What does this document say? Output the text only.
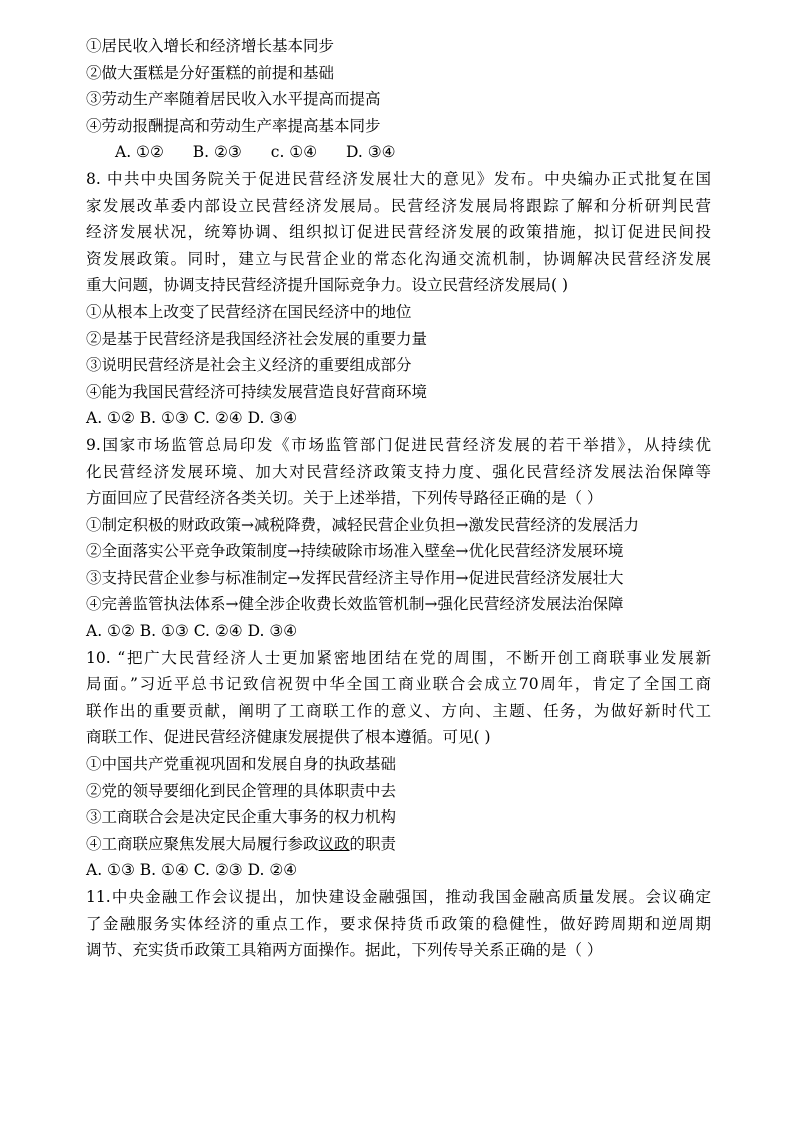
①居民收入增长和经济增长基本同步
②做大蛋糕是分好蛋糕的前提和基础
③劳动生产率随着居民收入水平提高而提高
④劳动报酬提高和劳动生产率提高基本同步
A. ①② B. ②③ c. ①④ D. ③④
8. 中共中央国务院关于促进民营经济发展壮大的意见》发布。中央编办正式批复在国
家发展改革委内部设立民营经济发展局。民营经济发展局将跟踪了解和分析研判民营
经济发展状况，统筹协调、组织拟订促进民营经济发展的政策措施，拟订促进民间投
资发展政策。同时，建立与民营企业的常态化沟通交流机制，协调解决民营经济发展
重大问题，协调支持民营经济提升国际竞争力。设立民营经济发展局( )
①从根本上改变了民营经济在国民经济中的地位
②是基于民营经济是我国经济社会发展的重要力量
③说明民营经济是社会主义经济的重要组成部分
④能为我国民营经济可持续发展营造良好营商环境
A. ①② B. ①③ C. ②④ D. ③④
9.国家市场监管总局印发《市场监管部门促进民营经济发展的若干举措》，从持续优
化民营经济发展环境、加大对民营经济政策支持力度、强化民营经济发展法治保障等
方面回应了民营经济各类关切。关于上述举措，下列传导路径正确的是（ ）
①制定积极的财政政策→减税降费，减轻民营企业负担→激发民营经济的发展活力
②全面落实公平竞争政策制度→持续破除市场准入壁垒→优化民营经济发展环境
③支持民营企业参与标准制定→发挥民营经济主导作用→促进民营经济发展壮大
④完善监管执法体系→健全涉企收费长效监管机制→强化民营经济发展法治保障
A. ①② B. ①③ C. ②④ D. ③④
10. “把广大民营经济人士更加紧密地团结在党的周围，不断开创工商联事业发展新
局面。”习近平总书记致信祝贺中华全国工商业联合会成立70周年，肯定了全国工商
联作出的重要贡献，阐明了工商联工作的意义、方向、主题、任务，为做好新时代工
商联工作、促进民营经济健康发展提供了根本遵循。可见( )
①中国共产党重视巩固和发展自身的执政基础
②党的领导要细化到民企管理的具体职责中去
③工商联合会是决定民企重大事务的权力机构
④工商联应聚焦发展大局履行参政议政的职责
A. ①③ B. ①④ C. ②③ D. ②④
11.中央金融工作会议提出，加快建设金融强国，推动我国金融高质量发展。会议确定
了金融服务实体经济的重点工作，要求保持货币政策的稳健性，做好跨周期和逆周期
调节、充实货币政策工具箱两方面操作。据此，下列传导关系正确的是（ ）
